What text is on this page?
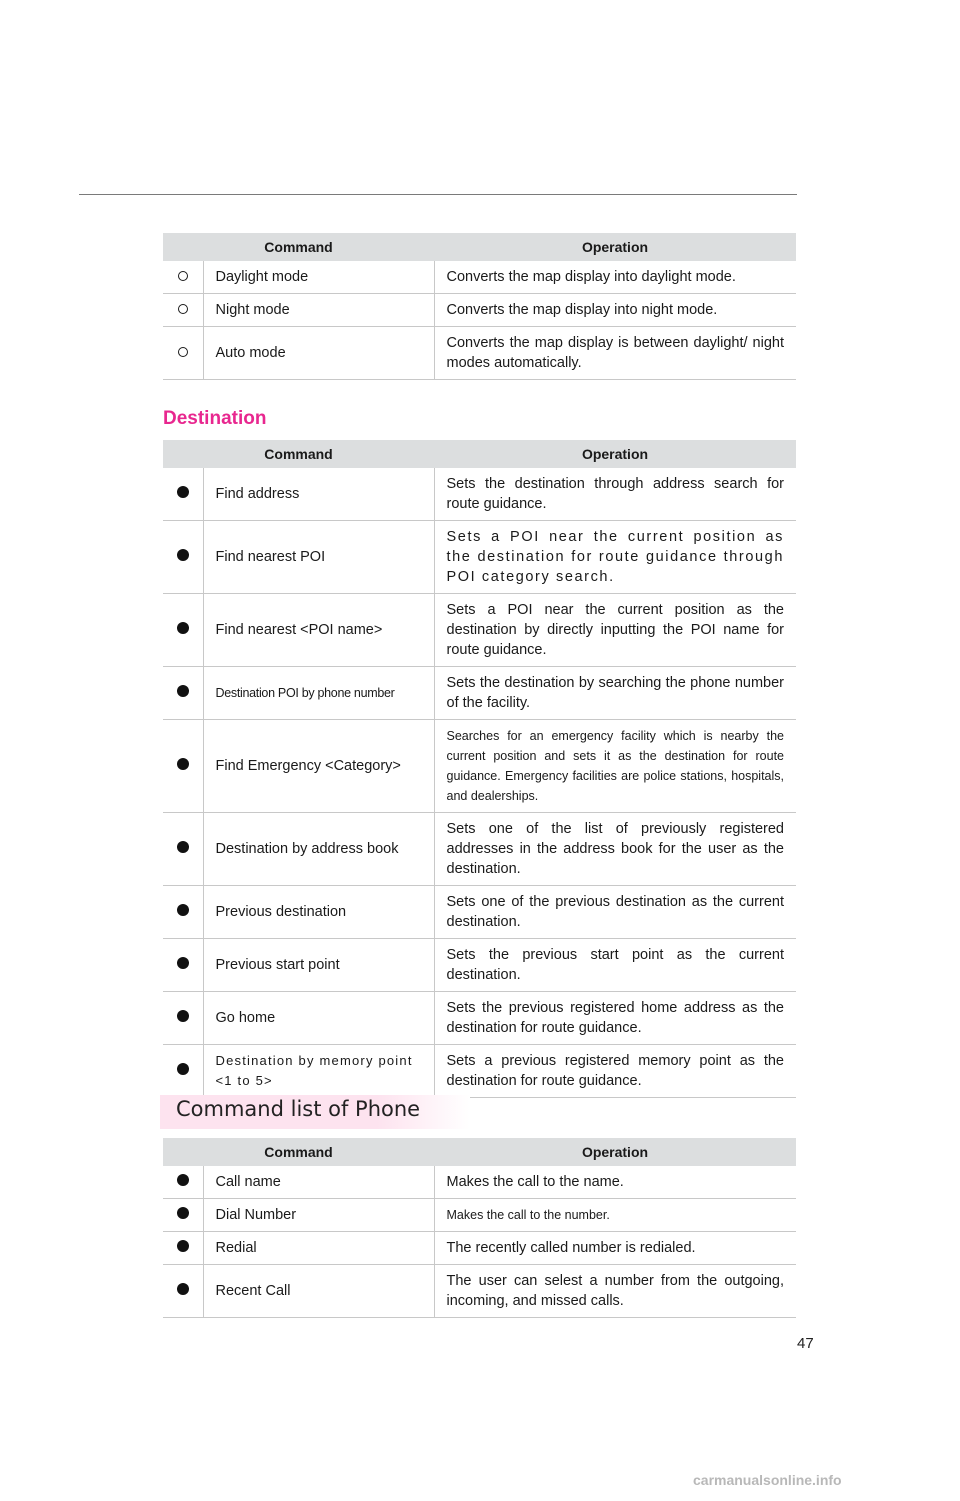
Command		Operation
	Daylight mode	Converts the map display into daylight mode.
	Night mode	Converts the map display into night mode.
	Auto mode	Converts the map display is between daylight/ night modes automatically.
Destination
Command		Operation
	Find address	Sets the destination through address search for route guidance.
	Find nearest POI	Sets a POI near the current position as the destination for route guidance through POI category search.
	Find nearest <POI name>	Sets a POI near the current position as the destination by directly inputting the POI name for route guidance.
	Destination POI by phone number	Sets the destination by searching the phone number of the facility.
	Find Emergency <Category>	Searches for an emergency facility which is nearby the current position and sets it as the destination for route guidance. Emergency facilities are police stations, hospitals, and dealerships.
	Destination by address book	Sets one of the list of previously registered addresses in the address book for the user as the destination.
	Previous destination	Sets one of the previous destination as the current destination.
	Previous start point	Sets the previous start point as the current destination.
	Go home	Sets the previous registered home address as the destination for route guidance.
	Destination by memory point <1 to 5>	Sets a previous registered memory point as the destination for route guidance.
Command list of Phone
Command		Operation
	Call name	Makes the call to the name.
	Dial Number	Makes the call to the number.
	Redial	The recently called number is redialed.
	Recent Call	The user can selest a number from the outgoing, incoming, and missed calls.
47
carmanualsonline.info
